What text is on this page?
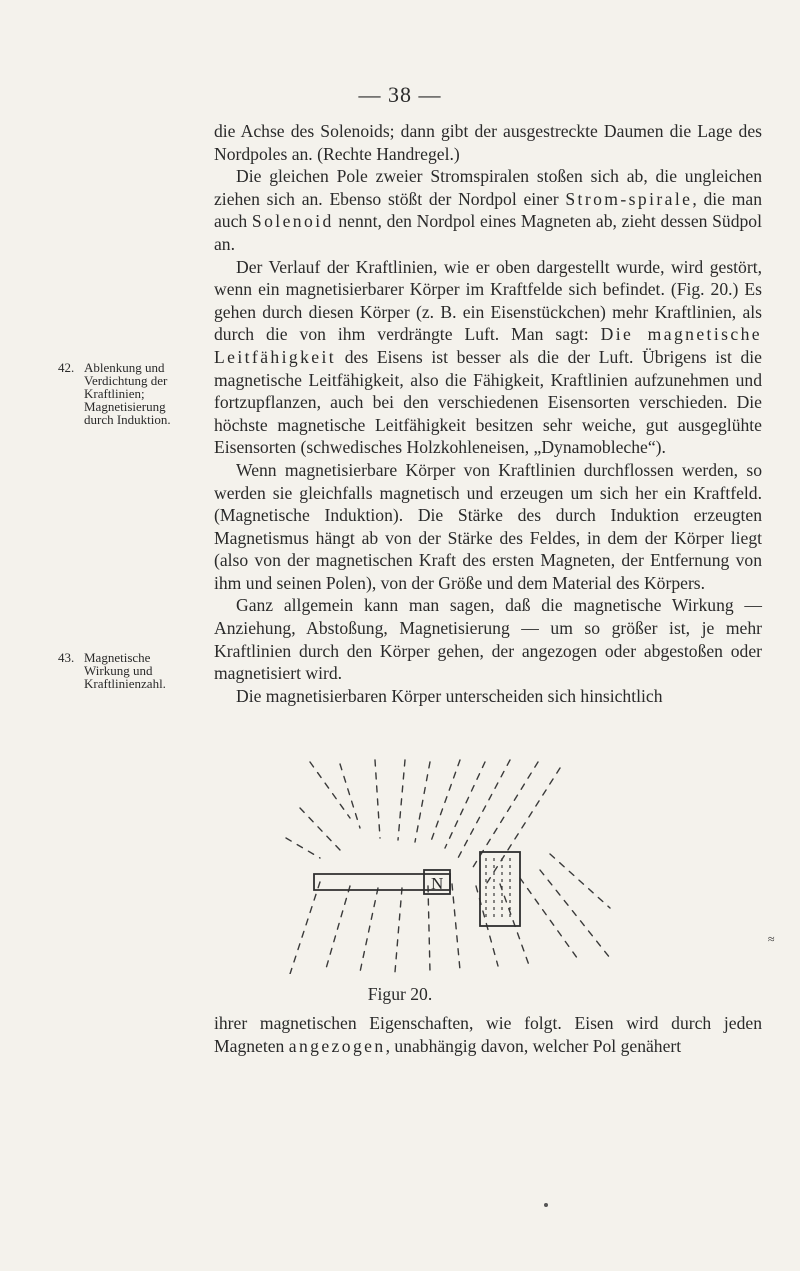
— 38 —

die Achse des Solenoids; dann gibt der ausgestreckte Daumen die Lage des Nordpoles an. (Rechte Handregel.)

Die gleichen Pole zweier Stromspiralen stoßen sich ab, die ungleichen ziehen sich an. Ebenso stößt der Nordpol einer Strom-spirale, die man auch Solenoid nennt, den Nordpol eines Magneten ab, zieht dessen Südpol an.

Der Verlauf der Kraftlinien, wie er oben dargestellt wurde, wird gestört, wenn ein magnetisierbarer Körper im Kraftfelde sich befindet. (Fig. 20.) Es gehen durch diesen Körper (z. B. ein Eisenstückchen) mehr Kraftlinien, als durch die von ihm verdrängte Luft. Man sagt: Die magnetische Leitfähigkeit des Eisens ist besser als die der Luft. Übrigens ist die magnetische Leitfähigkeit, also die Fähigkeit, Kraftlinien aufzunehmen und fortzupflanzen, auch bei den verschiedenen Eisensorten verschieden. Die höchste magnetische Leitfähigkeit besitzen sehr weiche, gut ausgeglühte Eisensorten (schwedisches Holzkohleneisen, „Dynamobleche“).

Wenn magnetisierbare Körper von Kraftlinien durchflossen werden, so werden sie gleichfalls magnetisch und erzeugen um sich her ein Kraftfeld. (Magnetische Induktion). Die Stärke des durch Induktion erzeugten Magnetismus hängt ab von der Stärke des Feldes, in dem der Körper liegt (also von der magnetischen Kraft des ersten Magneten, der Entfernung von ihm und seinen Polen), von der Größe und dem Material des Körpers.

Ganz allgemein kann man sagen, daß die magnetische Wirkung — Anziehung, Abstoßung, Magnetisierung — um so größer ist, je mehr Kraftlinien durch den Körper gehen, der angezogen oder abgestoßen oder magnetisiert wird.

Die magnetisierbaren Körper unterscheiden sich hinsichtlich

42. Ablenkung und Verdichtung der Kraftlinien; Magnetisierung durch Induktion.
43. Magnetische Wirkung und Kraftlinienzahl.
N
Figur 20.
ihrer magnetischen Eigenschaften, wie folgt. Eisen wird durch jeden Magneten angezogen, unabhängig davon, welcher Pol genähert
≈
